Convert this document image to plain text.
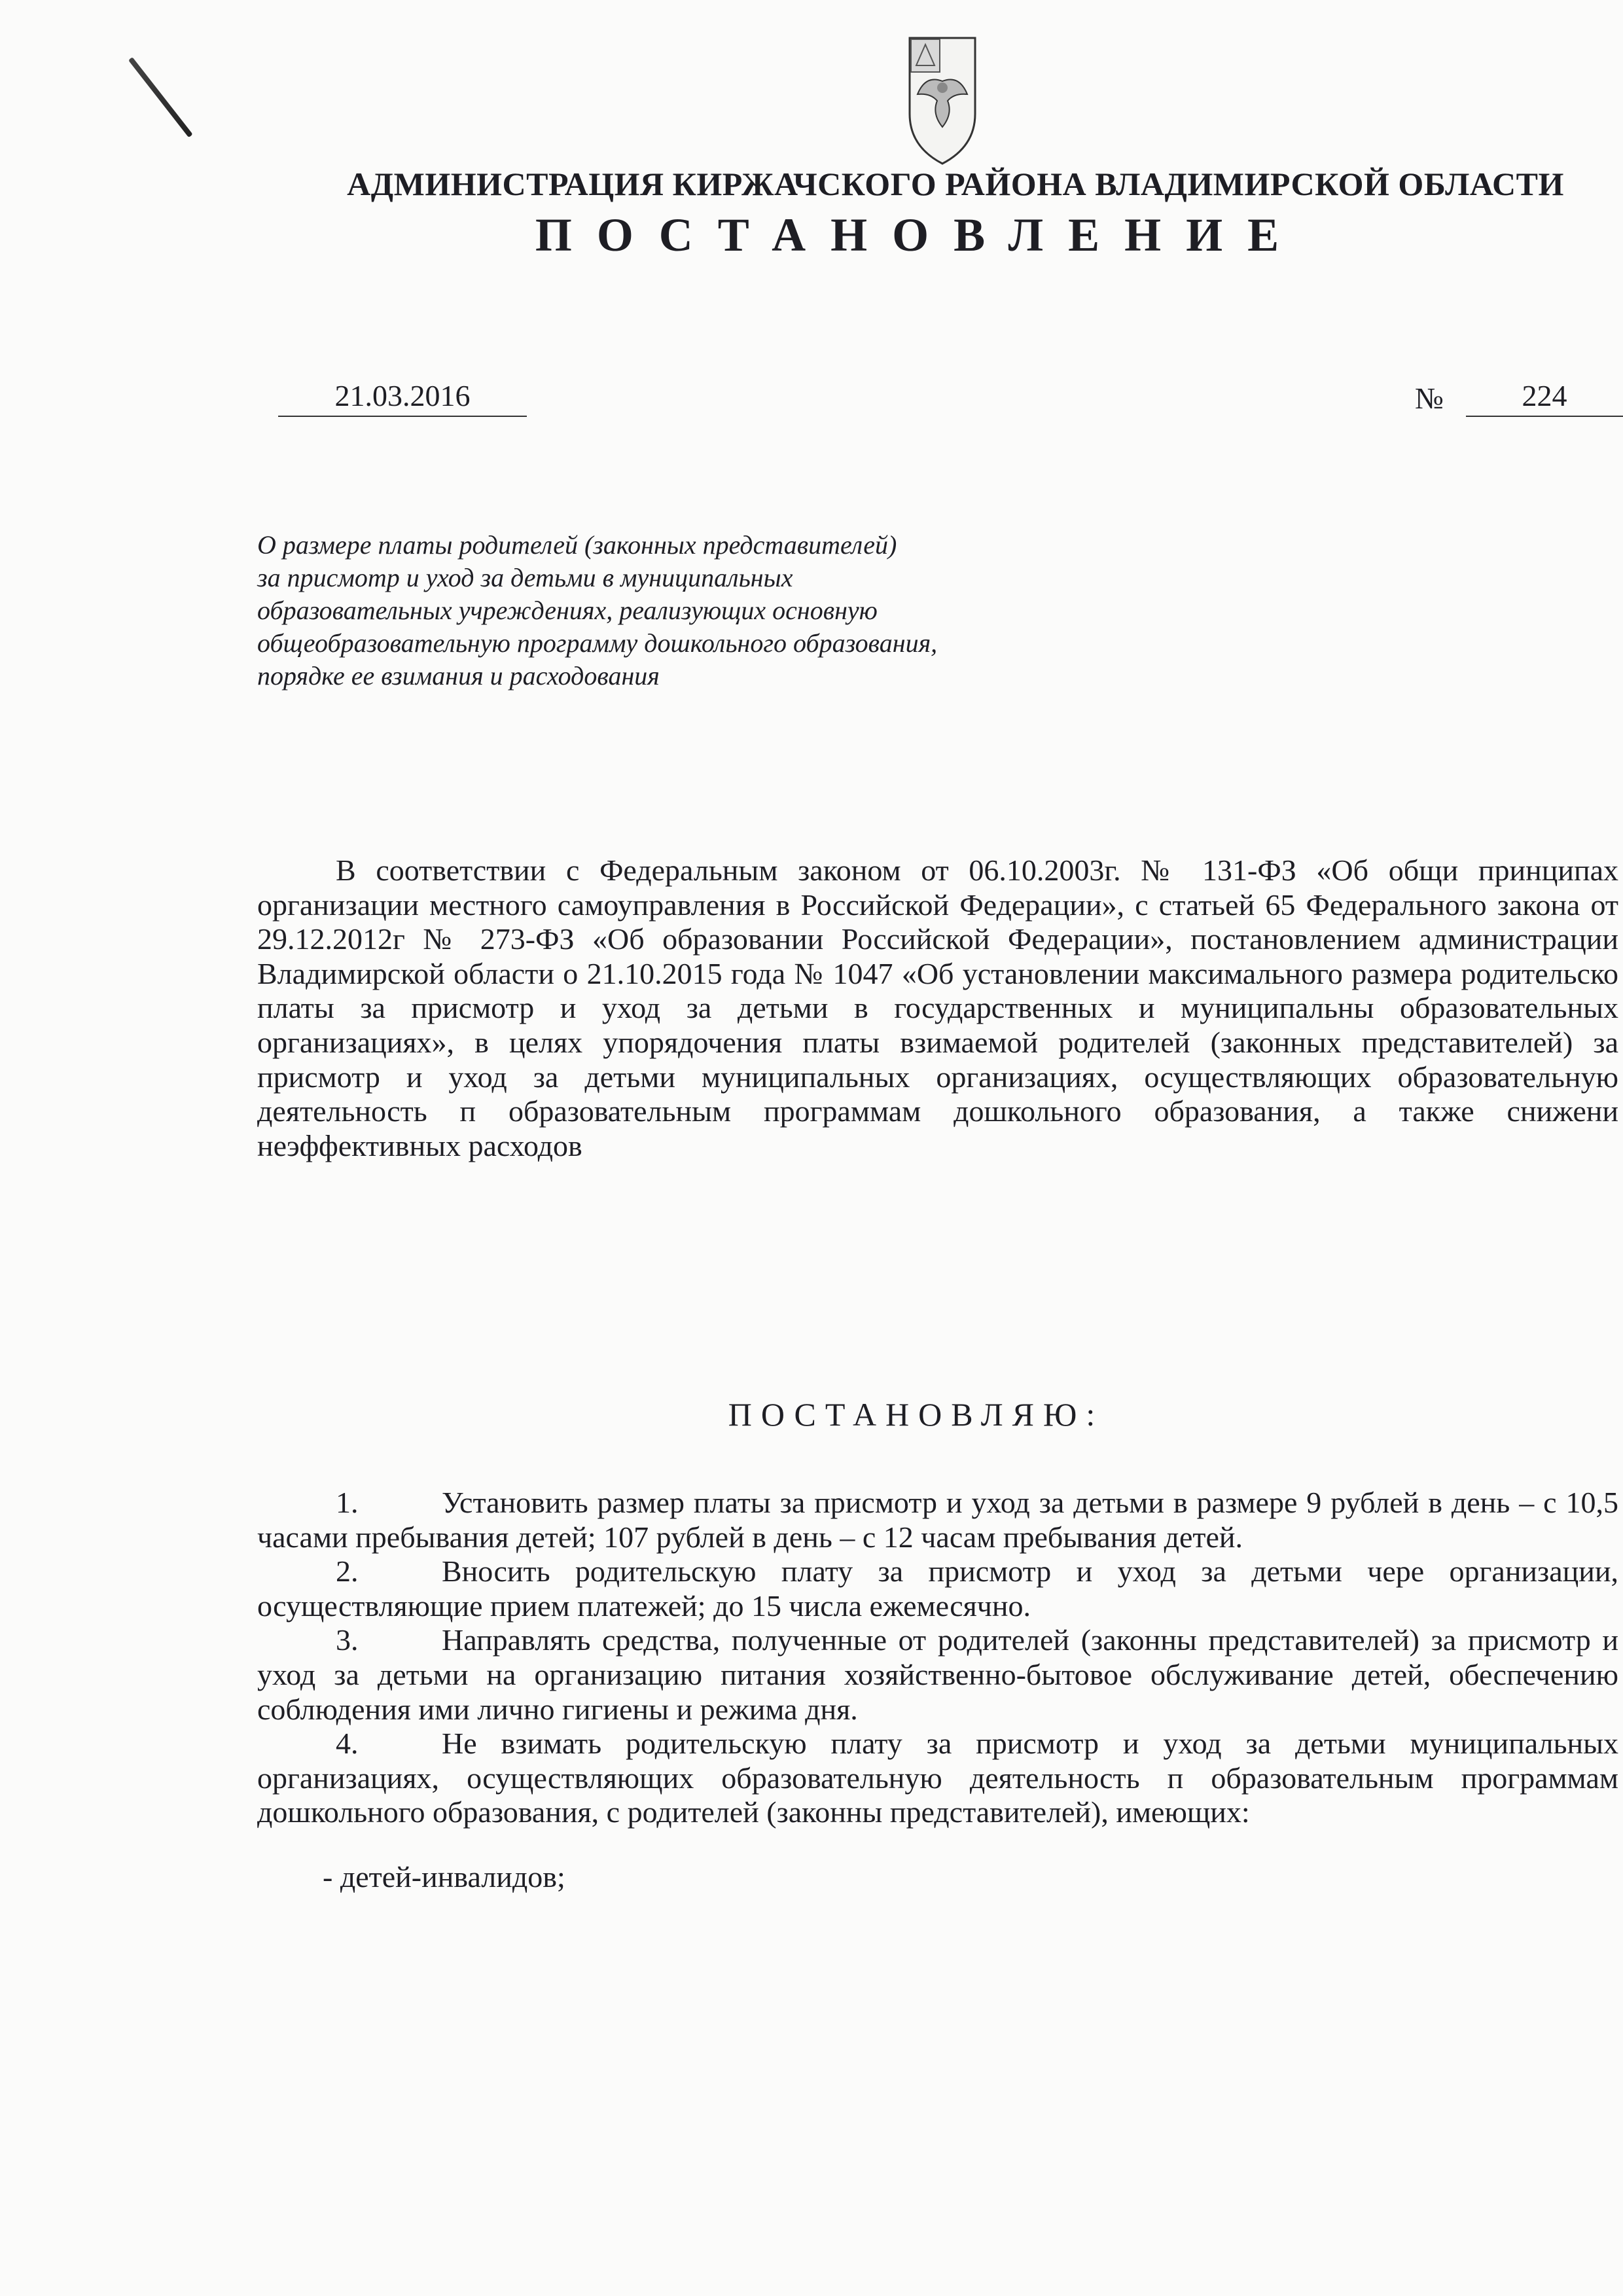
АДМИНИСТРАЦИЯ КИРЖАЧСКОГО РАЙОНА ВЛАДИМИРСКОЙ ОБЛАСТИ
ПОСТАНОВЛЕНИЕ
21.03.2016	№	224
О размере платы родителей (законных представителей)
за присмотр и уход за детьми в муниципальных
образовательных учреждениях, реализующих основную
общеобразовательную программу дошкольного образования,
порядке ее взимания и расходования

В соответствии с Федеральным законом от 06.10.2003г. № 131-ФЗ «Об общи принципах организации местного самоуправления в Российской Федерации», с статьей 65 Федерального закона от 29.12.2012г № 273-ФЗ «Об образовании Российской Федерации», постановлением администрации Владимирской области о 21.10.2015 года № 1047 «Об установлении максимального размера родительско платы за присмотр и уход за детьми в государственных и муниципальны образовательных организациях», в целях упорядочения платы взимаемой родителей (законных представителей) за присмотр и уход за детьми муниципальных организациях, осуществляющих образовательную деятельность п образовательным программам дошкольного образования, а также снижени неэффективных расходов

ПОСТАНОВЛЯЮ:

1.	Установить размер платы за присмотр и уход за детьми в размере 9 рублей в день – с 10,5 часами пребывания детей; 107 рублей в день – с 12 часам пребывания детей.

2.	Вносить родительскую плату за присмотр и уход за детьми чере организации, осуществляющие прием платежей; до 15 числа ежемесячно.

3.	Направлять средства, полученные от родителей (законны представителей) за присмотр и уход за детьми на организацию питания хозяйственно-бытовое обслуживание детей, обеспечению соблюдения ими лично гигиены и режима дня.

4.	Не взимать родительскую плату за присмотр и уход за детьми муниципальных организациях, осуществляющих образовательную деятельность п образовательным программам дошкольного образования, с родителей (законны представителей), имеющих:

- детей-инвалидов;
